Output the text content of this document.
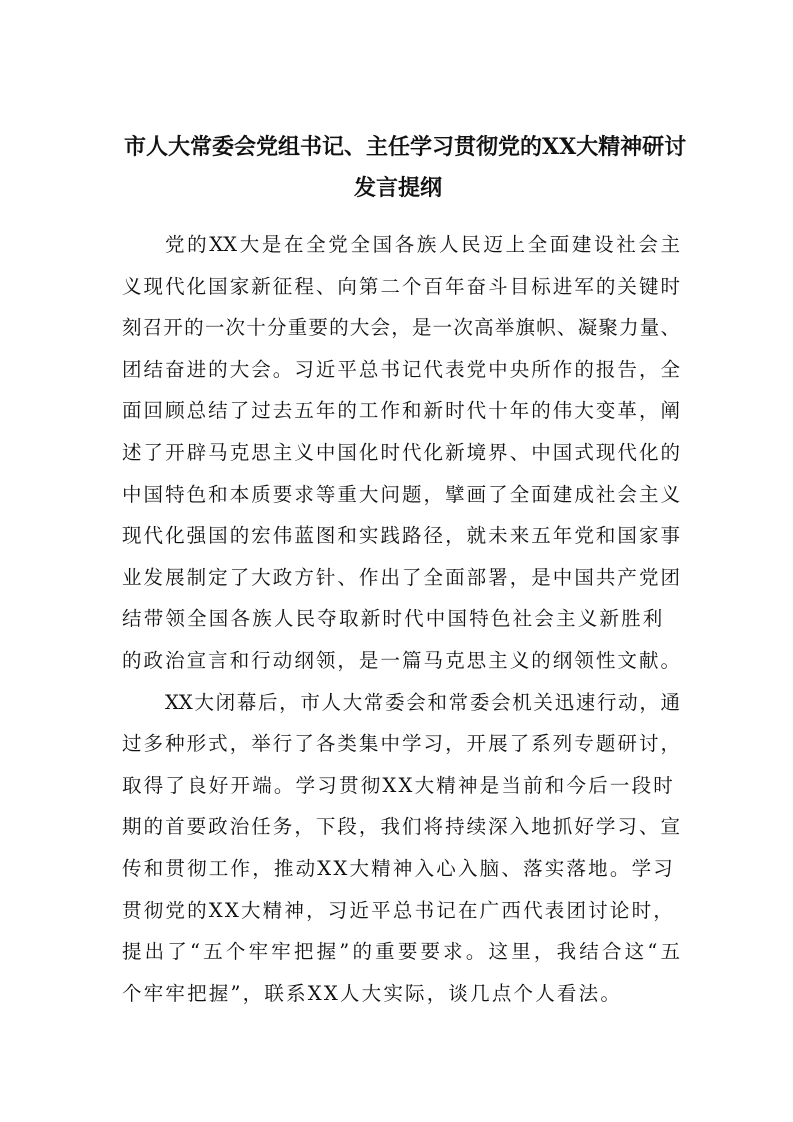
市人大常委会党组书记、主任学习贯彻党的XX大精神研讨
发言提纲
党的XX大是在全党全国各族人民迈上全面建设社会主
义现代化国家新征程、向第二个百年奋斗目标进军的关键时
刻召开的一次十分重要的大会，是一次高举旗帜、凝聚力量、
团结奋进的大会。习近平总书记代表党中央所作的报告，全
面回顾总结了过去五年的工作和新时代十年的伟大变革，阐
述了开辟马克思主义中国化时代化新境界、中国式现代化的
中国特色和本质要求等重大问题，擘画了全面建成社会主义
现代化强国的宏伟蓝图和实践路径，就未来五年党和国家事
业发展制定了大政方针、作出了全面部署，是中国共产党团
结带领全国各族人民夺取新时代中国特色社会主义新胜利
的政治宣言和行动纲领，是一篇马克思主义的纲领性文献。
XX大闭幕后，市人大常委会和常委会机关迅速行动，通
过多种形式，举行了各类集中学习，开展了系列专题研讨，
取得了良好开端。学习贯彻XX大精神是当前和今后一段时
期的首要政治任务，下段，我们将持续深入地抓好学习、宣
传和贯彻工作，推动XX大精神入心入脑、落实落地。学习
贯彻党的XX大精神，习近平总书记在广西代表团讨论时，
提出了“五个牢牢把握”的重要要求。这里，我结合这“五
个牢牢把握”，联系XX人大实际，谈几点个人看法。
